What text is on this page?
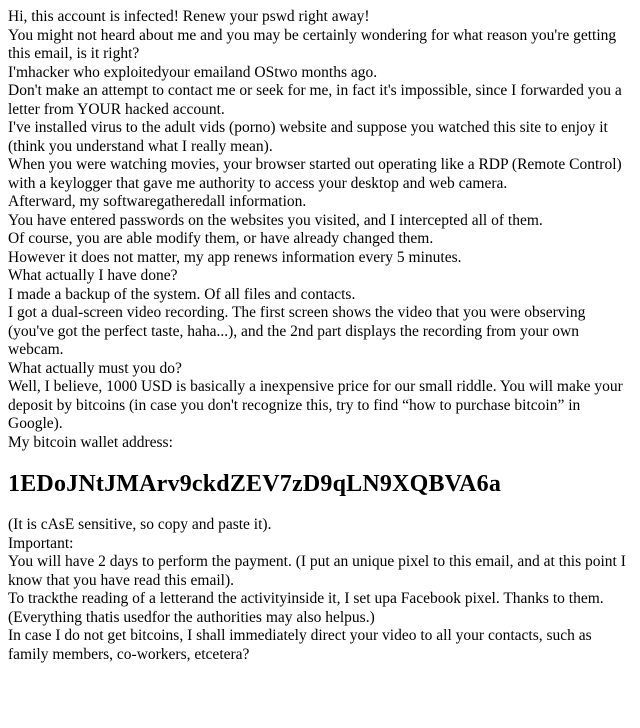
Hi, this account is infected! Renew your pswd right away!

You might not heard about me and you may be certainly wondering for what reason you're getting this email, is it right?

I'mhacker who exploitedyour emailand OStwo months ago.

Don't make an attempt to contact me or seek for me, in fact it's impossible, since I forwarded you a letter from YOUR hacked account.

I've installed virus to the adult vids (porno) website and suppose you watched this site to enjoy it (think you understand what I really mean).

When you were watching movies, your browser started out operating like a RDP (Remote Control) with a keylogger that gave me authority to access your desktop and web camera.

Afterward, my softwaregatheredall information.

You have entered passwords on the websites you visited, and I intercepted all of them.

Of course, you are able modify them, or have already changed them.

However it does not matter, my app renews information every 5 minutes.

What actually I have done?

I made a backup of the system. Of all files and contacts.

I got a dual-screen video recording. The first screen shows the video that you were observing (you've got the perfect taste, haha...), and the 2nd part displays the recording from your own webcam.

What actually must you do?

Well, I believe, 1000 USD is basically a inexpensive price for our small riddle. You will make your deposit by bitcoins (in case you don't recognize this, try to find “how to purchase bitcoin” in Google).

My bitcoin wallet address:

1EDoJNtJMArv9ckdZEV7zD9qLN9XQBVA6a

(It is cAsE sensitive, so copy and paste it).

Important:

You will have 2 days to perform the payment. (I put an unique pixel to this email, and at this point I know that you have read this email).

To trackthe reading of a letterand the activityinside it, I set upa Facebook pixel. Thanks to them. (Everything thatis usedfor the authorities may also helpus.)

In case I do not get bitcoins, I shall immediately direct your video to all your contacts, such as family members, co-workers, etcetera?
